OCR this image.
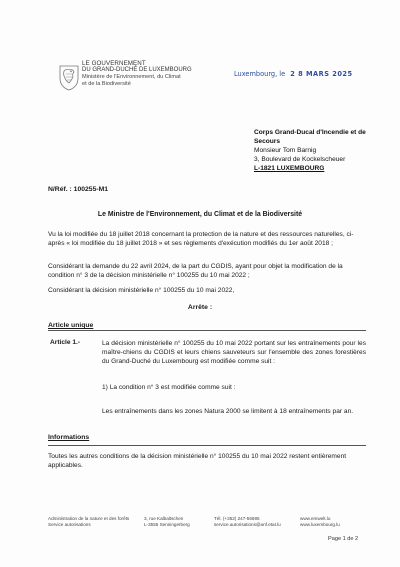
LE GOUVERNEMENT
DU GRAND-DUCHÉ DE LUXEMBOURG
Ministère de l'Environnement, du Climat
et de la Biodiversité
Luxembourg, le 2 8 MARS 2025
Corps Grand-Ducal d'Incendie et de
Secours
Monsieur Tom Barnig
3, Boulevard de Kockelscheuer
L-1821 LUXEMBOURG
N/Réf. : 100255-M1
Le Ministre de l'Environnement, du Climat et de la Biodiversité
Vu la loi modifiée du 18 juillet 2018 concernant la protection de la nature et des ressources naturelles, ci-après « loi modifiée du 18 juillet 2018 » et ses règlements d'exécution modifiés du 1er août 2018 ;
Considérant la demande du 22 avril 2024, de la part du CGDIS, ayant pour objet la modification de la condition n° 3 de la décision ministérielle n° 100255 du 10 mai 2022 ;
Considérant la décision ministérielle n° 100255 du 10 mai 2022,
Arrête :
Article unique
Article 1.-	La décision ministérielle n° 100255 du 10 mai 2022 portant sur les entraînements pour les maître-chiens du CGDIS et leurs chiens sauveteurs sur l'ensemble des zones forestières du Grand-Duché du Luxembourg est modifiée comme suit :
1) La condition n° 3 est modifiée comme suit :
Les entraînements dans les zones Natura 2000 se limitent à 18 entraînements par an.
Informations
Toutes les autres conditions de la décision ministérielle n° 100255 du 10 mai 2022 restent entièrement applicables.
Administration de la nature et des forêts
Service autorisations
3, rue Kalbaltschen
L-3555 Senningerberg
Tél. (+352) 247-56695
service.autorisations@anf.etat.lu
www.emwelt.lu
www.luxembourg.lu
Page 1 de 2
